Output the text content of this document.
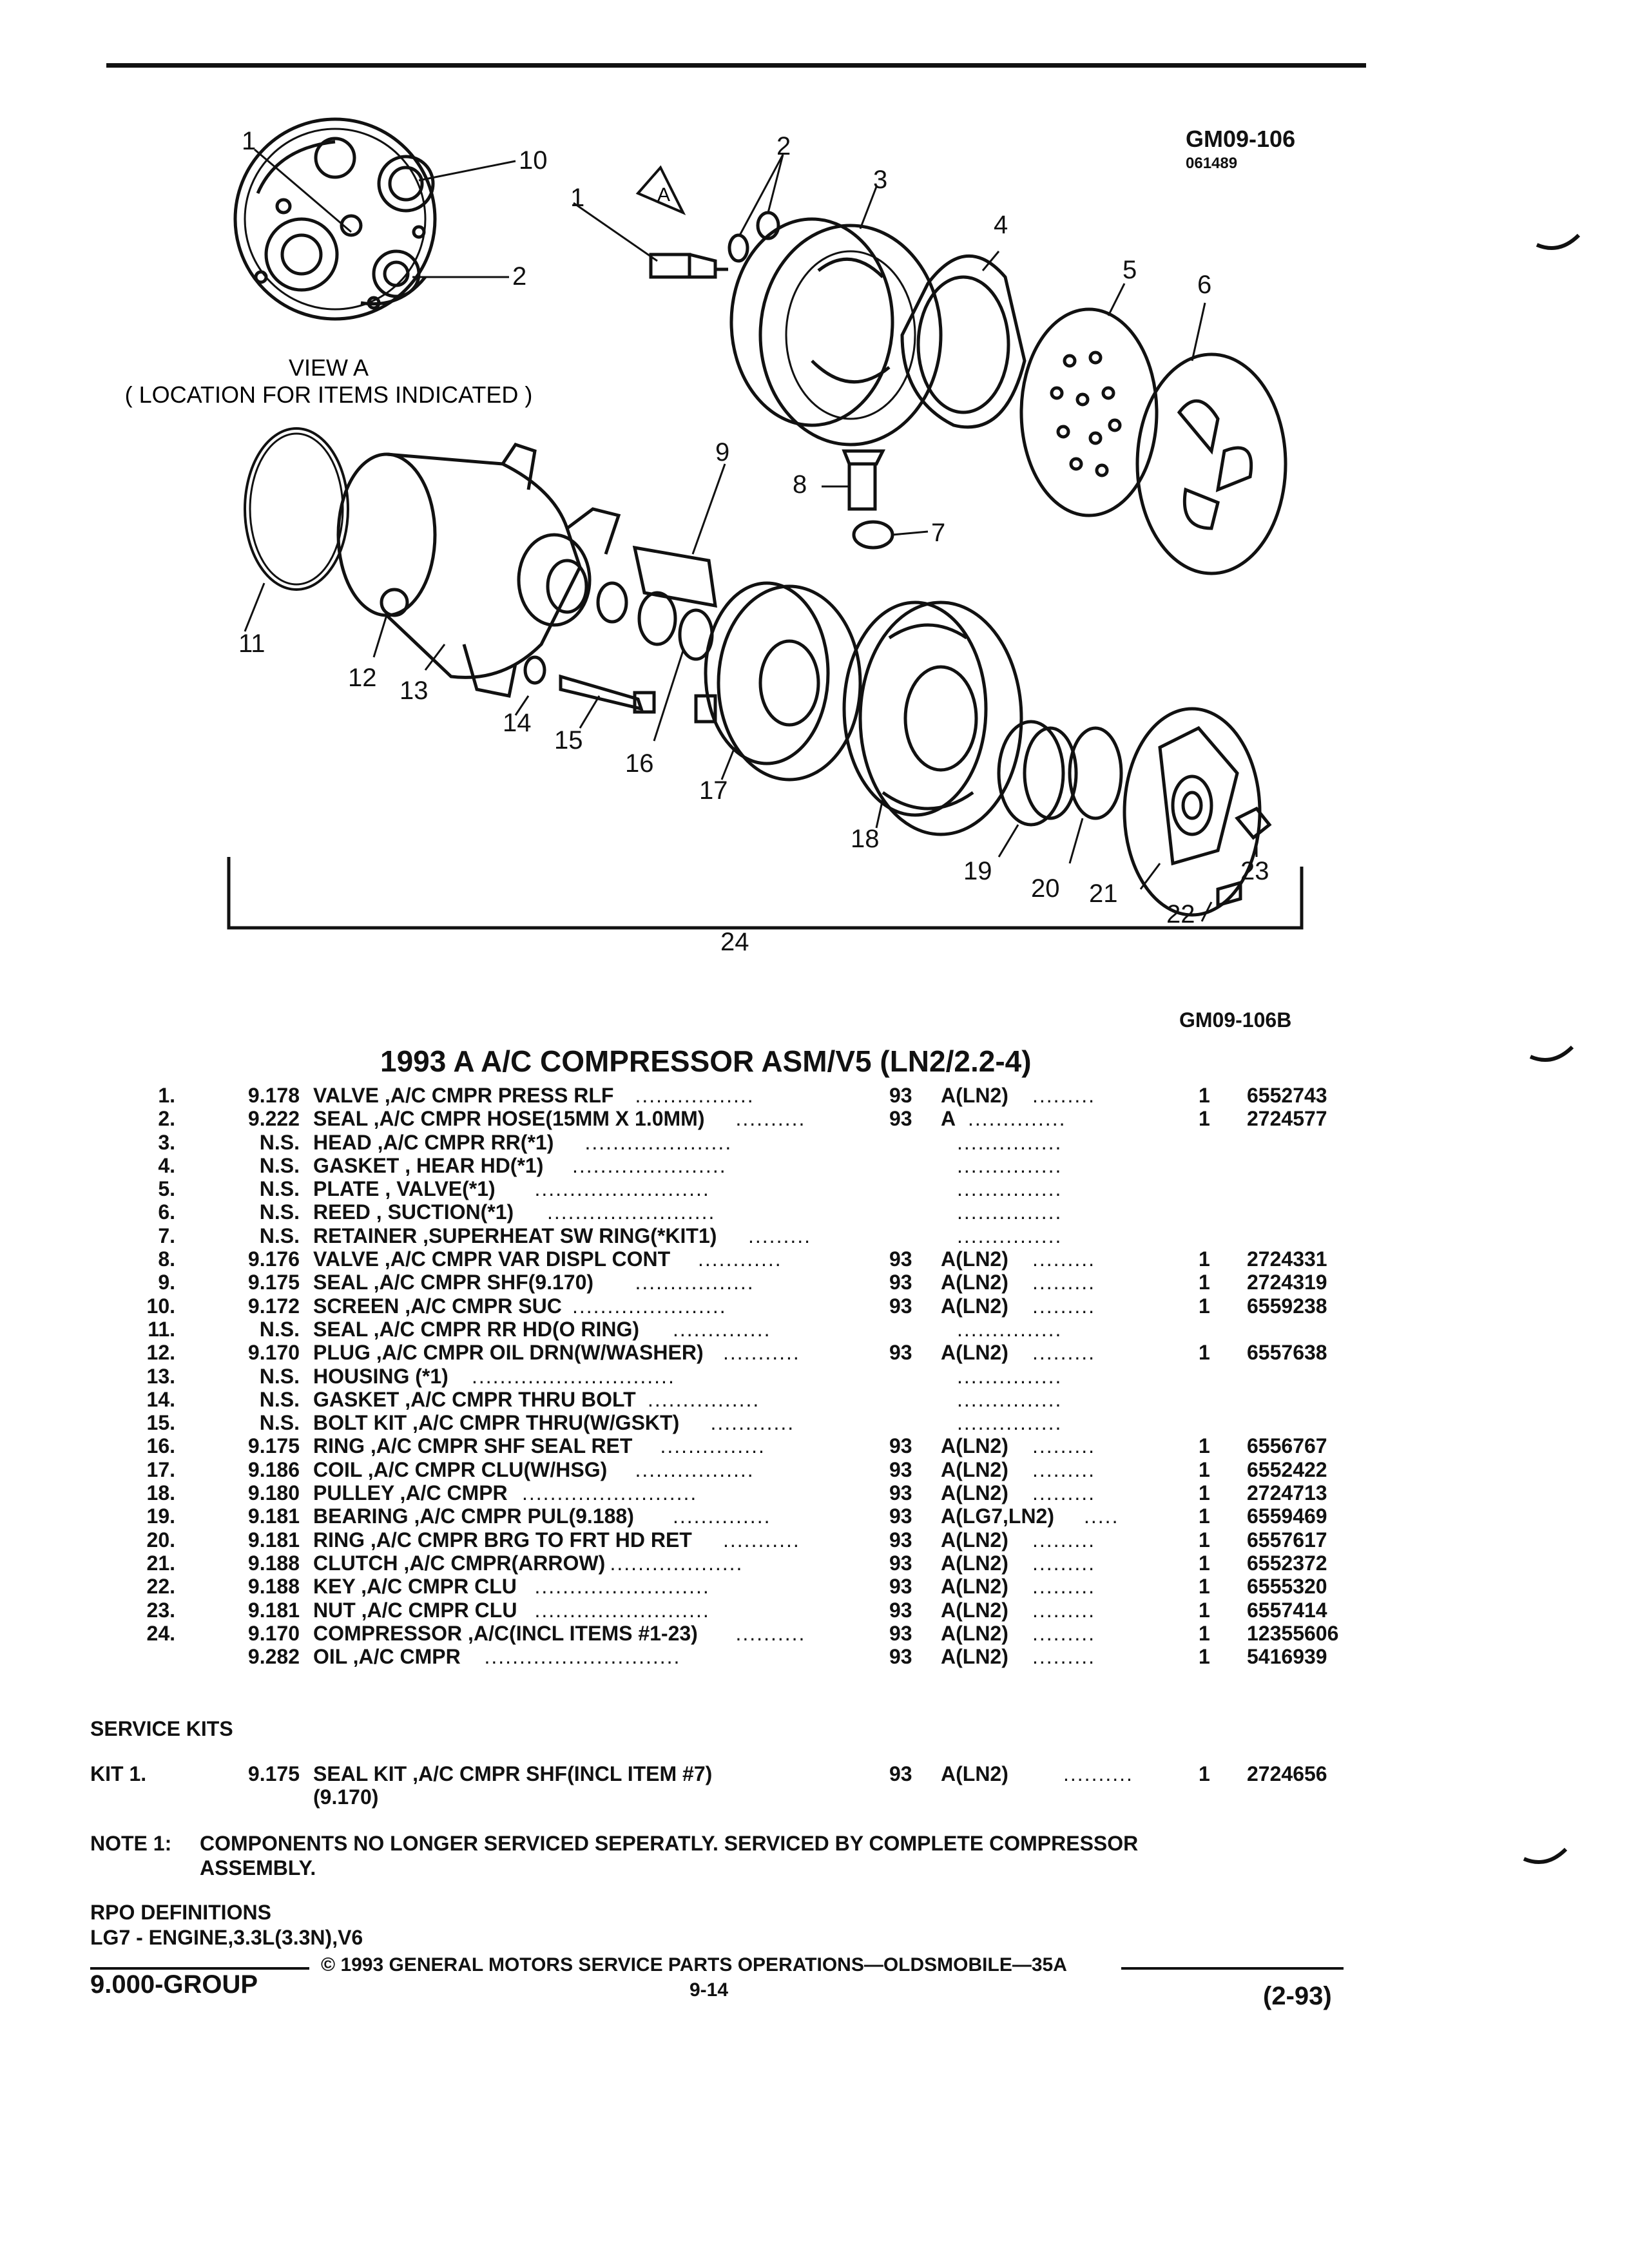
GM09-106
061489
VIEW A
( LOCATION FOR ITEMS INDICATED )
A
1
10
2
1
2
3
4
5
6
9
8
7
11
12 13
14
15
16
17
18
19
20 21
22
23
24
GM09-106B
1993 A A/C COMPRESSOR ASM/V5 (LN2/2.2-4)
1.	9.178 VALVE ,A/C CMPR PRESS RLF	93 A(LN2)	1 6552743
.................	.........
2.	9.222 SEAL ,A/C CMPR HOSE(15MM X 1.0MM)	93 A	1 2724577
..........	..............
3.	N.S. HEAD ,A/C CMPR RR(*1) .....................	...............
4.	N.S. GASKET , HEAR HD(*1) ......................	...............
5.	N.S. PLATE , VALVE(*1) .........................	...............
6.	N.S. REED , SUCTION(*1) ........................	...............
7.	N.S. RETAINER ,SUPERHEAT SW RING(*KIT1) .........	...............
8.	9.176 VALVE ,A/C CMPR VAR DISPL CONT	93 A(LN2)	1 2724331
............	.........
9.	9.175 SEAL ,A/C CMPR SHF(9.170)	93 A(LN2)	1 2724319
.................	.........
10.	9.172 SCREEN ,A/C CMPR SUC	93 A(LN2)	1 6559238
......................	.........
11.	N.S. SEAL ,A/C CMPR RR HD(O RING) ..............	...............
12.	9.170 PLUG ,A/C CMPR OIL DRN(W/WASHER)	93 A(LN2)	1 6557638
...........	.........
13.	N.S. HOUSING (*1) .............................	...............
14.	N.S. GASKET ,A/C CMPR THRU BOLT ................	...............
15.	N.S. BOLT KIT ,A/C CMPR THRU(W/GSKT) ............	...............
16.	9.175 RING ,A/C CMPR SHF SEAL RET	93 A(LN2)	1 6556767
...............	.........
17.	9.186 COIL ,A/C CMPR CLU(W/HSG)	93 A(LN2)	1 6552422
.................	.........
18.	9.180 PULLEY ,A/C CMPR	93 A(LN2)	1 2724713
.........................	.........
19.	9.181 BEARING ,A/C CMPR PUL(9.188)	93 A(LG7,LN2)	1 6559469
..............	.....
20.	9.181 RING ,A/C CMPR BRG TO FRT HD RET	93 A(LN2)	1 6557617
...........	.........
21.	9.188 CLUTCH ,A/C CMPR(ARROW)	93 A(LN2)	1 6552372
...................	.........
22.	9.188 KEY ,A/C CMPR CLU	93 A(LN2)	1 6555320
.........................	.........
23.	9.181 NUT ,A/C CMPR CLU	93 A(LN2)	1 6557414
.........................	.........
24.	9.170 COMPRESSOR ,A/C(INCL ITEMS #1-23)	93 A(LN2)	1 12355606
..........	.........
9.282 OIL ,A/C CMPR	93 A(LN2)	1 5416939
............................	.........
SERVICE KITS
KIT 1.	9.175 SEAL KIT ,A/C CMPR SHF(INCL ITEM #7)	93 A(LN2)	..........	1 2724656
(9.170)
NOTE 1: COMPONENTS NO LONGER SERVICED SEPERATLY. SERVICED BY COMPLETE COMPRESSOR
ASSEMBLY.
RPO DEFINITIONS
LG7 - ENGINE,3.3L(3.3N),V6
© 1993 GENERAL MOTORS SERVICE PARTS OPERATIONS—OLDSMOBILE—35A
9.000-GROUP	9-14	(2-93)
